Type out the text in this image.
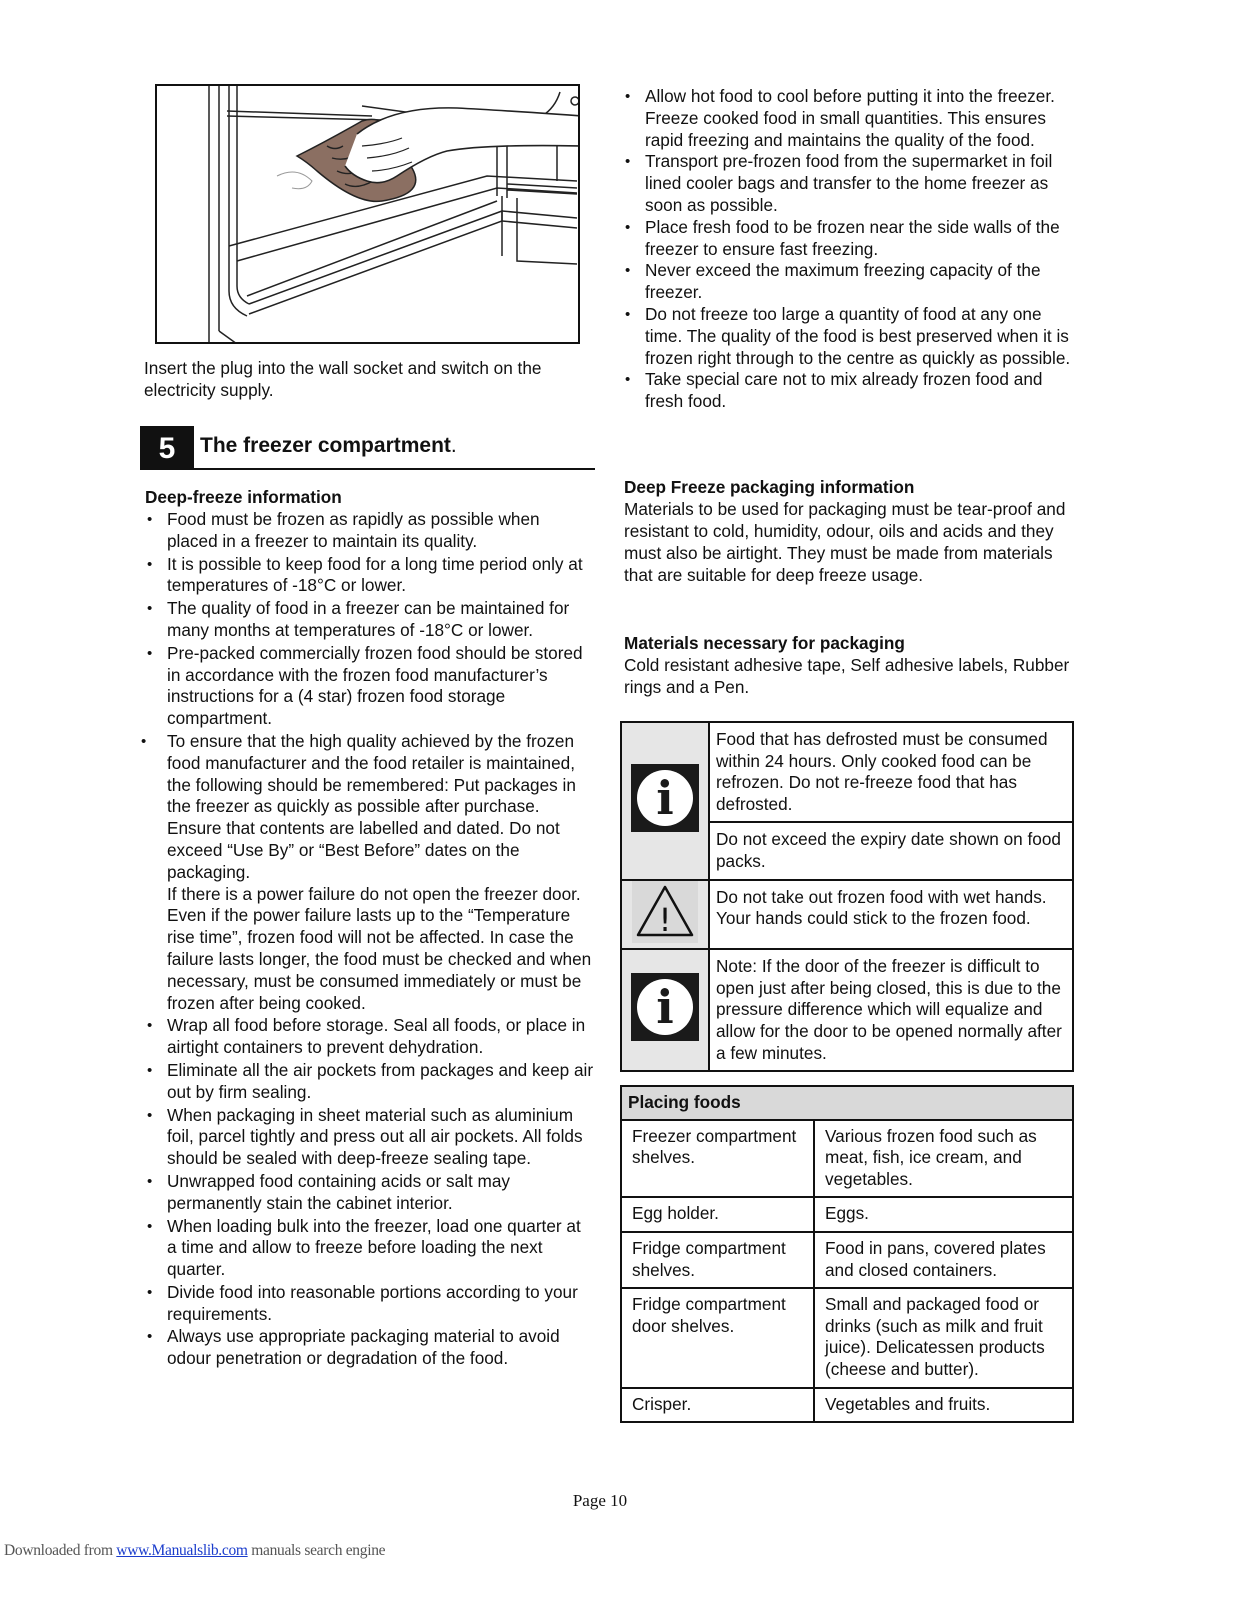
Insert the plug into the wall socket and switch on the electricity supply.
5	The freezer compartment.
Deep-freeze information
• Food must be frozen as rapidly as possible when placed in a freezer to maintain its quality.
• It is possible to keep food for a long time period only at temperatures of -18°C or lower.
• The quality of food in a freezer can be maintained for many months at temperatures of -18°C or lower.
• Pre-packed commercially frozen food should be stored in accordance with the frozen food manufacturer’s instructions for a (4 star) frozen food storage compartment.
• To ensure that the high quality achieved by the frozen food manufacturer and the food retailer is maintained, the following should be remembered: Put packages in the freezer as quickly as possible after purchase. Ensure that contents are labelled and dated. Do not exceed “Use By” or “Best Before” dates on the packaging.
If there is a power failure do not open the freezer door. Even if the power failure lasts up to the “Temperature rise time”, frozen food will not be affected. In case the failure lasts longer, the food must be checked and when necessary, must be consumed immediately or must be frozen after being cooked.
• Wrap all food before storage. Seal all foods, or place in airtight containers to prevent dehydration.
• Eliminate all the air pockets from packages and keep air out by firm sealing.
• When packaging in sheet material such as aluminium foil, parcel tightly and press out all air pockets. All folds should be sealed with deep-freeze sealing tape.
• Unwrapped food containing acids or salt may permanently stain the cabinet interior.
• When loading bulk into the freezer, load one quarter at a time and allow to freeze before loading the next quarter.
• Divide food into reasonable portions according to your requirements.
• Always use appropriate packaging material to avoid odour penetration or degradation of the food.
• Allow hot food to cool before putting it into the freezer. Freeze cooked food in small quantities. This ensures rapid freezing and maintains the quality of the food.
• Transport pre-frozen food from the supermarket in foil lined cooler bags and transfer to the home freezer as soon as possible.
• Place fresh food to be frozen near the side walls of the freezer to ensure fast freezing.
• Never exceed the maximum freezing capacity of the freezer.
• Do not freeze too large a quantity of food at any one time. The quality of the food is best preserved when it is frozen right through to the centre as quickly as possible.
• Take special care not to mix already frozen food and fresh food.
Deep Freeze packaging information
Materials to be used for packaging must be tear-proof and resistant to cold, humidity, odour, oils and acids and they must also be airtight. They must be made from materials that are suitable for deep freeze usage.
Materials necessary for packaging
Cold resistant adhesive tape, Self adhesive labels, Rubber rings and a Pen.
i	Food that has defrosted must be consumed within 24 hours. Only cooked food can be refrozen. Do not re-freeze food that has defrosted.
	Do not exceed the expiry date shown on food packs.

!	Do not take out frozen food with wet hands. Your hands could stick to the frozen food.

i	Note: If the door of the freezer is difficult to open just after being closed, this is due to the pressure difference which will equalize and allow for the door to be opened normally after a few minutes.
Placing foods	
Freezer compartment shelves.	Various frozen food such as meat, fish, ice cream, and vegetables.
Egg holder.	Eggs.
Fridge compartment shelves.	Food in pans, covered plates and closed containers.
Fridge compartment door shelves.	Small and packaged food or drinks (such as milk and fruit juice). Delicatessen products (cheese and butter).
Crisper.	Vegetables and fruits.
Page 10
Downloaded from www.Manualslib.com manuals search engine
